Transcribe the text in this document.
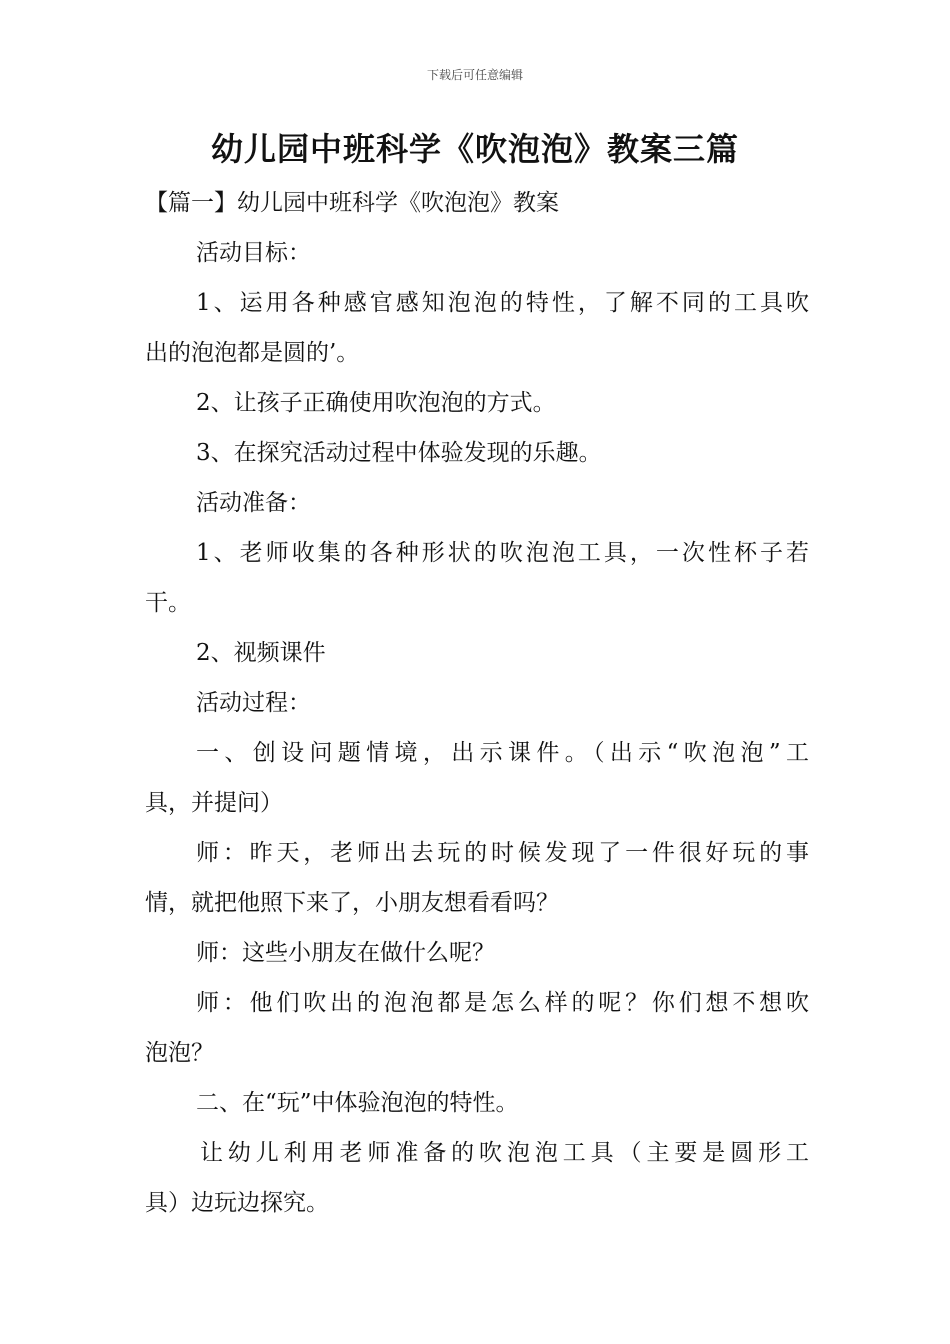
下载后可任意编辑
幼儿园中班科学《吹泡泡》教案三篇

【篇一】幼儿园中班科学《吹泡泡》教案

活动目标：

1、运用各种感官感知泡泡的特性，了解不同的工具吹

出的泡泡都是圆的’。

2、让孩子正确使用吹泡泡的方式。

3、在探究活动过程中体验发现的乐趣。

活动准备：

1、老师收集的各种形状的吹泡泡工具，一次性杯子若

干。

2、视频课件

活动过程：

一、创设问题情境，出示课件。（出示“吹泡泡”工

具，并提问）

师：昨天，老师出去玩的时候发现了一件很好玩的事

情，就把他照下来了，小朋友想看看吗？

师：这些小朋友在做什么呢？

师：他们吹出的泡泡都是怎么样的呢？你们想不想吹

泡泡？

二、在“玩”中体验泡泡的特性。

让幼儿利用老师准备的吹泡泡工具（主要是圆形工

具）边玩边探究。
